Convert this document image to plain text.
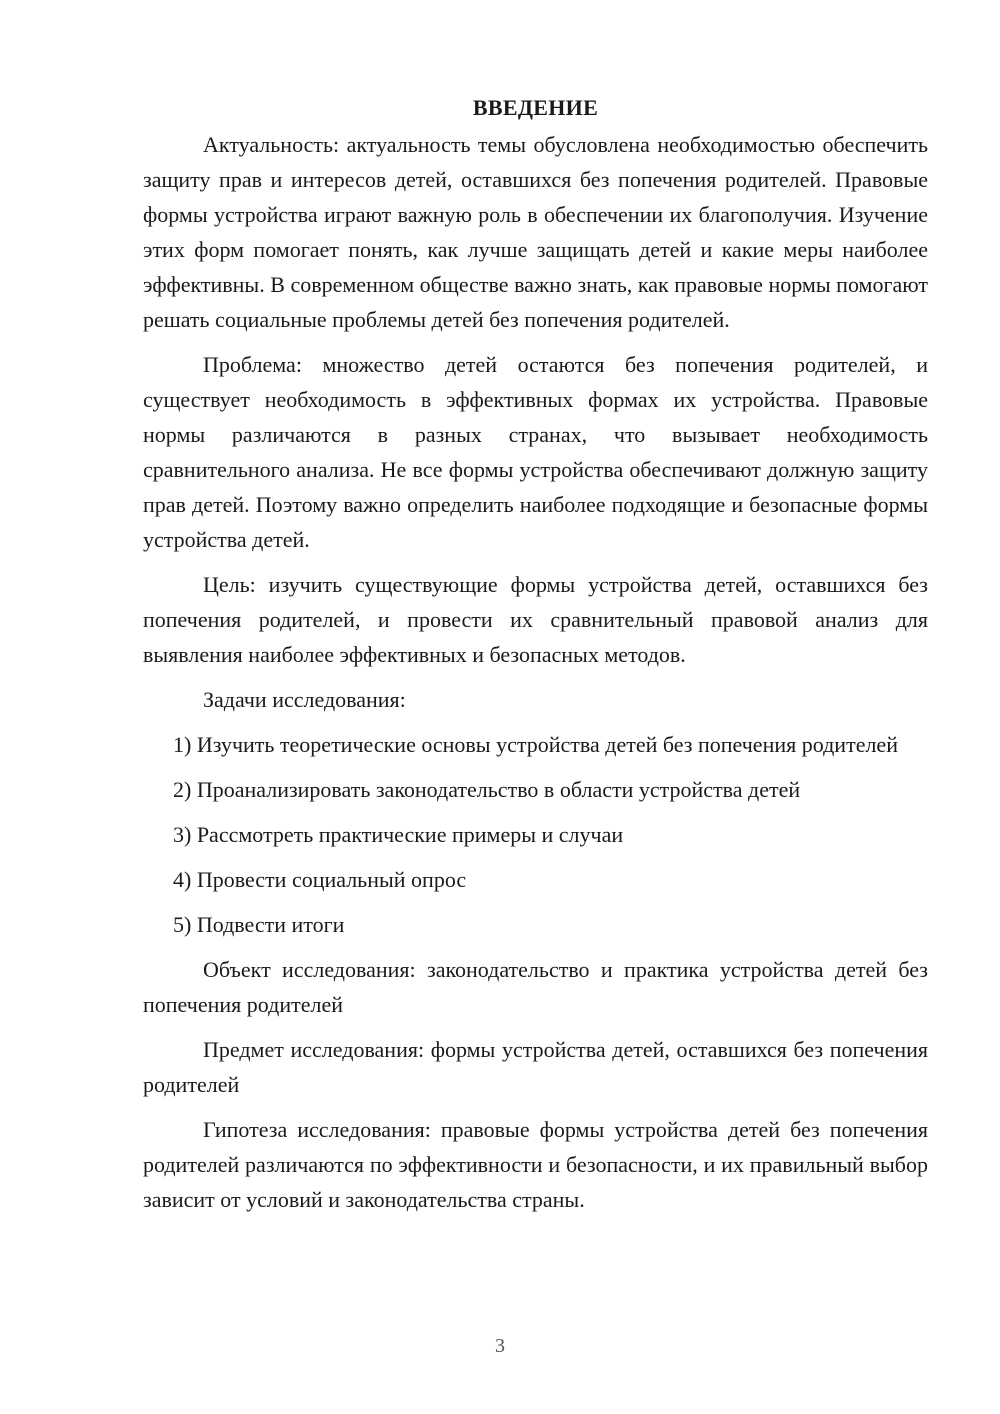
ВВЕДЕНИЕ

Актуальность: актуальность темы обусловлена необходимостью обеспечить защиту прав и интересов детей, оставшихся без попечения родителей. Правовые формы устройства играют важную роль в обеспечении их благополучия. Изучение этих форм помогает понять, как лучше защищать детей и какие меры наиболее эффективны. В современном обществе важно знать, как правовые нормы помогают решать социальные проблемы детей без попечения родителей.

Проблема: множество детей остаются без попечения родителей, и существует необходимость в эффективных формах их устройства. Правовые нормы различаются в разных странах, что вызывает необходимость сравнительного анализа. Не все формы устройства обеспечивают должную защиту прав детей. Поэтому важно определить наиболее подходящие и безопасные формы устройства детей.

Цель: изучить существующие формы устройства детей, оставшихся без попечения родителей, и провести их сравнительный правовой анализ для выявления наиболее эффективных и безопасных методов.

Задачи исследования:

1) Изучить теоретические основы устройства детей без попечения родителей

2) Проанализировать законодательство в области устройства детей

3) Рассмотреть практические примеры и случаи

4) Провести социальный опрос

5) Подвести итоги

Объект исследования: законодательство и практика устройства детей без попечения родителей

Предмет исследования: формы устройства детей, оставшихся без попечения родителей

Гипотеза исследования: правовые формы устройства детей без попечения родителей различаются по эффективности и безопасности, и их правильный выбор зависит от условий и законодательства страны.

3
